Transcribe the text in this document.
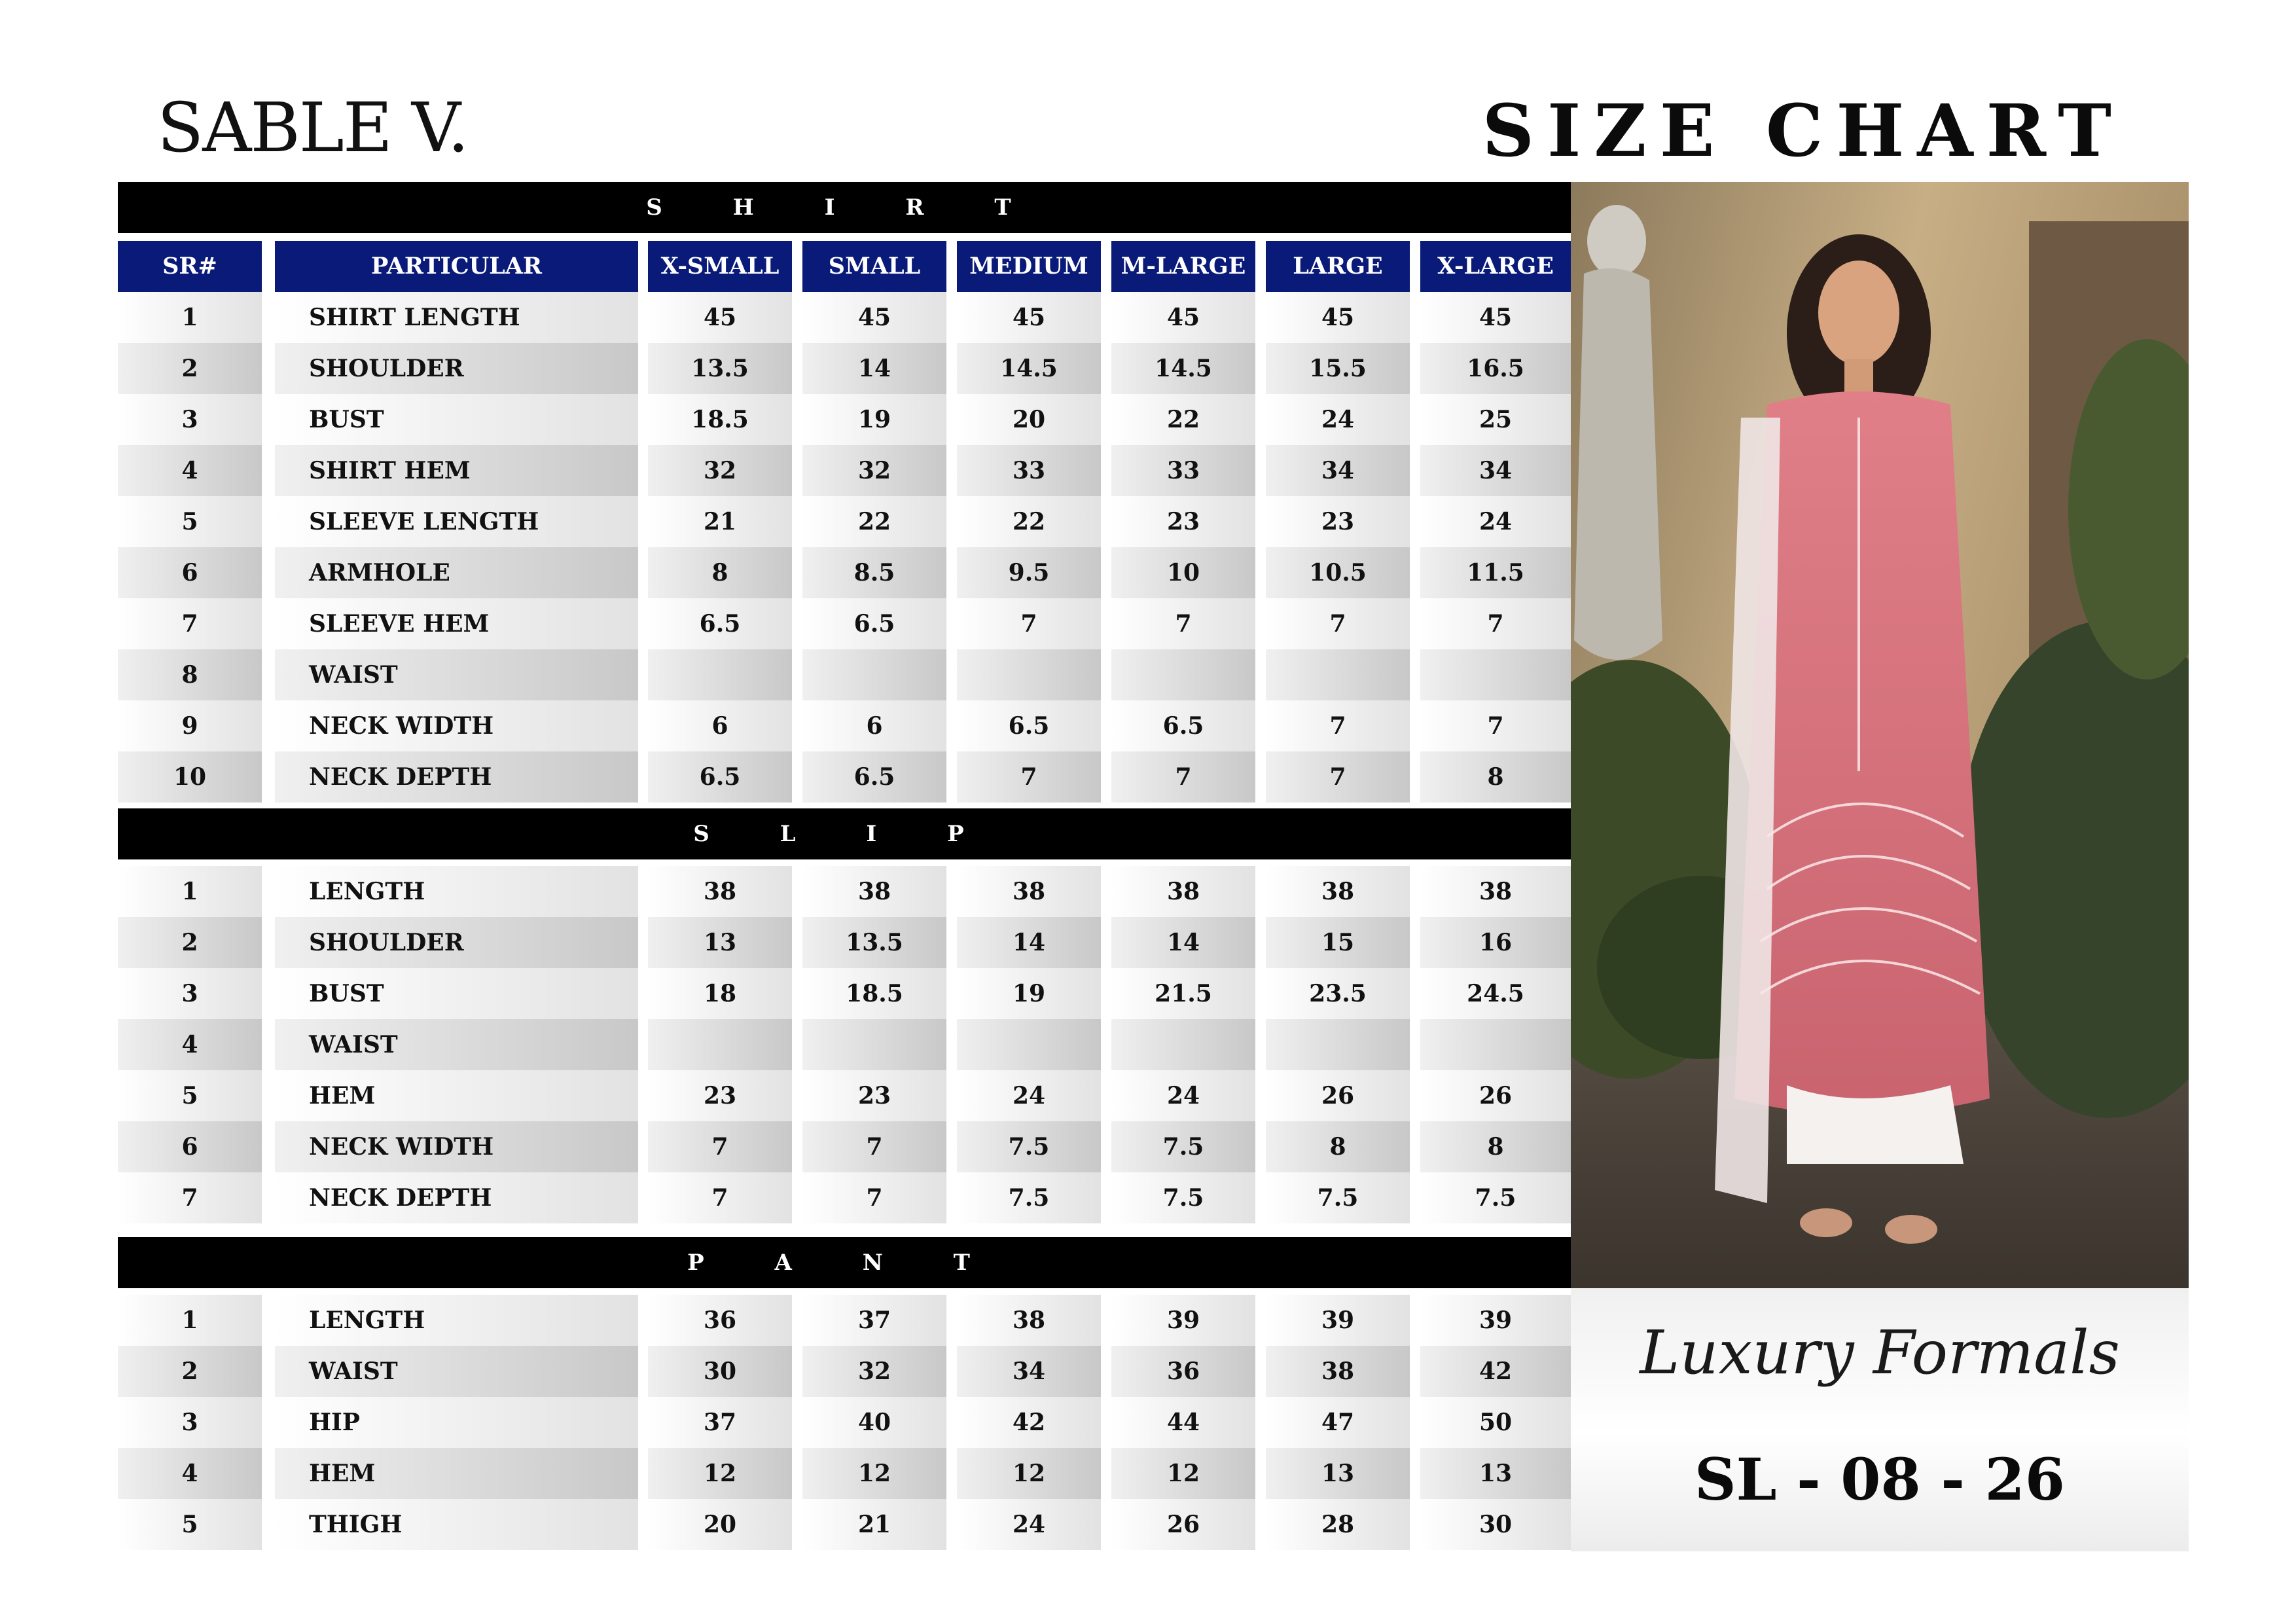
SABLE V.	SIZE CHART
S H I R T
SR#	PARTICULAR	X-SMALL	SMALL	MEDIUM	M-LARGE	LARGE	X-LARGE
1	SHIRT LENGTH	45	45	45	45	45	45
2	SHOULDER	13.5	14	14.5	14.5	15.5	16.5
3	BUST	18.5	19	20	22	24	25
4	SHIRT HEM	32	32	33	33	34	34
5	SLEEVE LENGTH	21	22	22	23	23	24
6	ARMHOLE	8	8.5	9.5	10	10.5	11.5
7	SLEEVE HEM	6.5	6.5	7	7	7	7
8	WAIST
9	NECK WIDTH	6	6	6.5	6.5	7	7
10	NECK DEPTH	6.5	6.5	7	7	7	8
1	LENGTH	38	38	38	38	38	38
2	SHOULDER	13	13.5	14	14	15	16
3	BUST	18	18.5	19	21.5	23.5	24.5
4	WAIST
5	HEM	23	23	24	24	26	26
6	NECK WIDTH	7	7	7.5	7.5	8	8
7	NECK DEPTH	7	7	7.5	7.5	7.5	7.5
1	LENGTH	36	37	38	39	39	39
2	WAIST	30	32	34	36	38	42
3	HIP	37	40	42	44	47	50
4	HEM	12	12	12	12	13	13
5	THIGH	20	21	24	26	28	30
S L I P
P A N T
Luxury Formals
SL - 08 - 26
